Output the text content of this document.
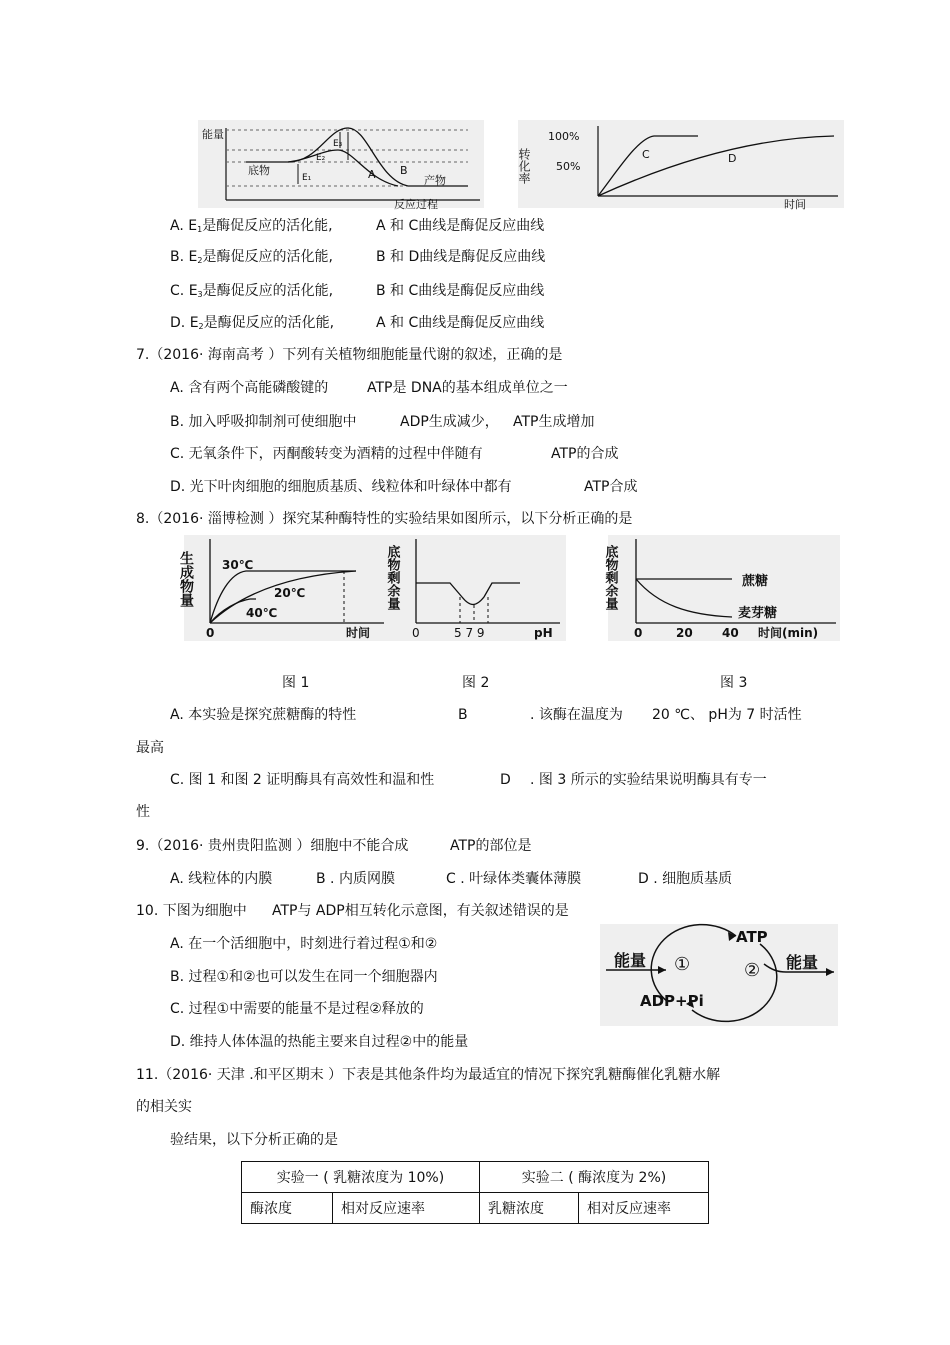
能量
E₃
E₂
E₁
底物
产物
A B
反应过程
转化率
100%
50%
C	D
时间
A. $E_1$是酶促反应的活化能,	A 和 C曲线是酶促反应曲线
B. $E_2$是酶促反应的活化能,	B 和 D曲线是酶促反应曲线
C. $E_3$是酶促反应的活化能,	B 和 C曲线是酶促反应曲线
D. $E_2$是酶促反应的活化能,	A 和 C曲线是酶促反应曲线
7.（2016· 海南高考 ）下列有关植物细胞能量代谢的叙述，正确的是
A. 含有两个高能磷酸键的	ATP是 DNA的基本组成单位之一
B. 加入呼吸抑制剂可使细胞中	ADP生成减少， ATP生成增加
C. 无氧条件下，丙酮酸转变为酒精的过程中伴随有	ATP的合成
D. 光下叶肉细胞的细胞质基质、线粒体和叶绿体中都有	ATP合成
8.（2016· 淄博检测 ）探究某种酶特性的实验结果如图所示，以下分析正确的是
生成物量 30℃
20℃
40℃
0	时间
底物剩余量
0	5 7 9	pH
底物剩余量	蔗糖
麦芽糖
0	20 40 时间(min)
图 1	图 2	图 3
A. 本实验是探究蔗糖酶的特性	B	. 该酶在温度为 20 ℃、 pH为 7 时活性
最高
C. 图 1 和图 2 证明酶具有高效性和温和性	D . 图 3 所示的实验结果说明酶具有专一
性
9.（2016· 贵州贵阳监测 ）细胞中不能合成	ATP的部位是
A. 线粒体的内膜	B . 内质网膜	C . 叶绿体类囊体薄膜	D . 细胞质基质
10. 下图为细胞中 ATP与 ADP相互转化示意图，有关叙述错误的是
A. 在一个活细胞中，时刻进行着过程①和②
B. 过程①和②也可以发生在同一个细胞器内
C. 过程①中需要的能量不是过程②释放的
D. 维持人体体温的热能主要来自过程②中的能量
能量	能量
ATP
ADP+Pi
①	②
11.（2016· 天津 .和平区期末 ）下表是其他条件均为最适宜的情况下探究乳糖酶催化乳糖水解
的相关实
验结果，以下分析正确的是
实验一 ( 乳糖浓度为 10%)		实验二 ( 酶浓度为 2%)	
酶浓度	相对反应速率	乳糖浓度	相对反应速率
